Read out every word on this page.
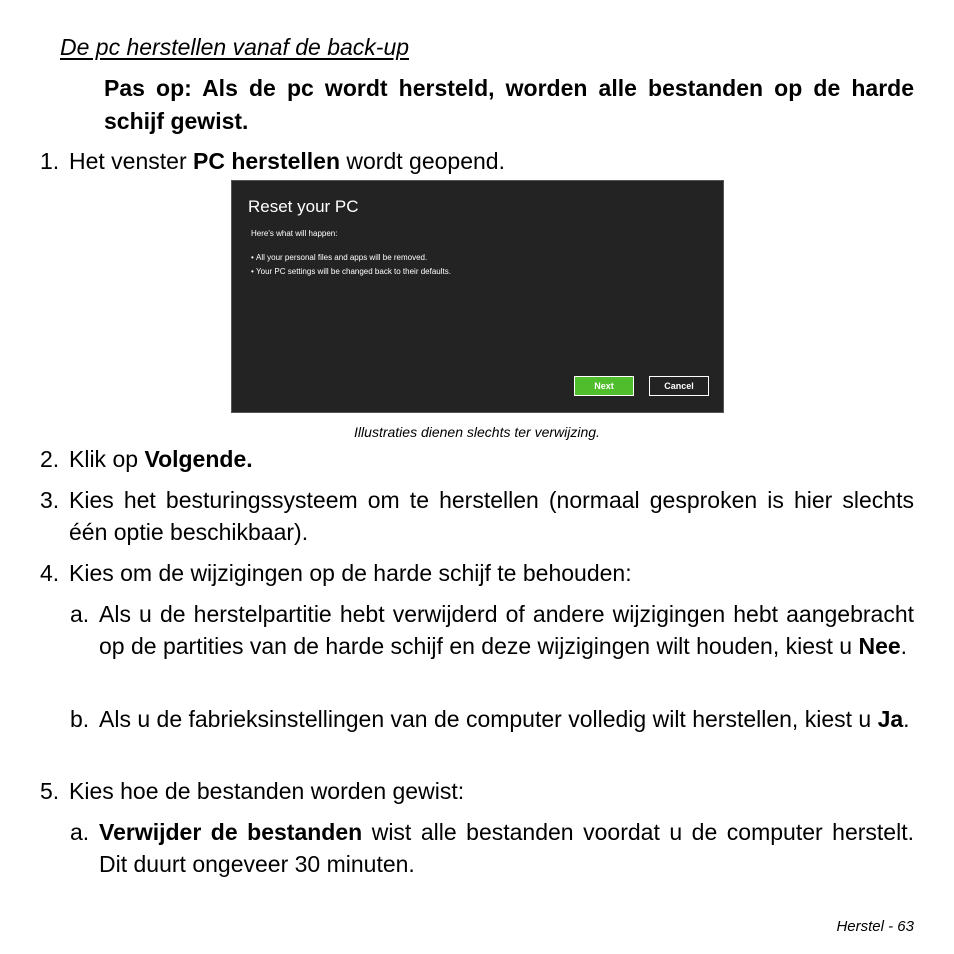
De pc herstellen vanaf de back-up
Pas op: Als de pc wordt hersteld, worden alle bestanden op de harde schijf gewist.
1. Het venster PC herstellen wordt geopend.
Reset your PC
Here's what will happen:
• All your personal files and apps will be removed.
• Your PC settings will be changed back to their defaults.
Next	Cancel
Illustraties dienen slechts ter verwijzing.
2. Klik op Volgende.
3. Kies het besturingssysteem om te herstellen (normaal gesproken is hier slechts één optie beschikbaar).
4. Kies om de wijzigingen op de harde schijf te behouden:
a. Als u de herstelpartitie hebt verwijderd of andere wijzigingen hebt aangebracht op de partities van de harde schijf en deze wijzigingen wilt houden, kiest u Nee.
b. Als u de fabrieksinstellingen van de computer volledig wilt herstellen, kiest u Ja.
5. Kies hoe de bestanden worden gewist:
a. Verwijder de bestanden wist alle bestanden voordat u de computer herstelt. Dit duurt ongeveer 30 minuten.
Herstel - 63
